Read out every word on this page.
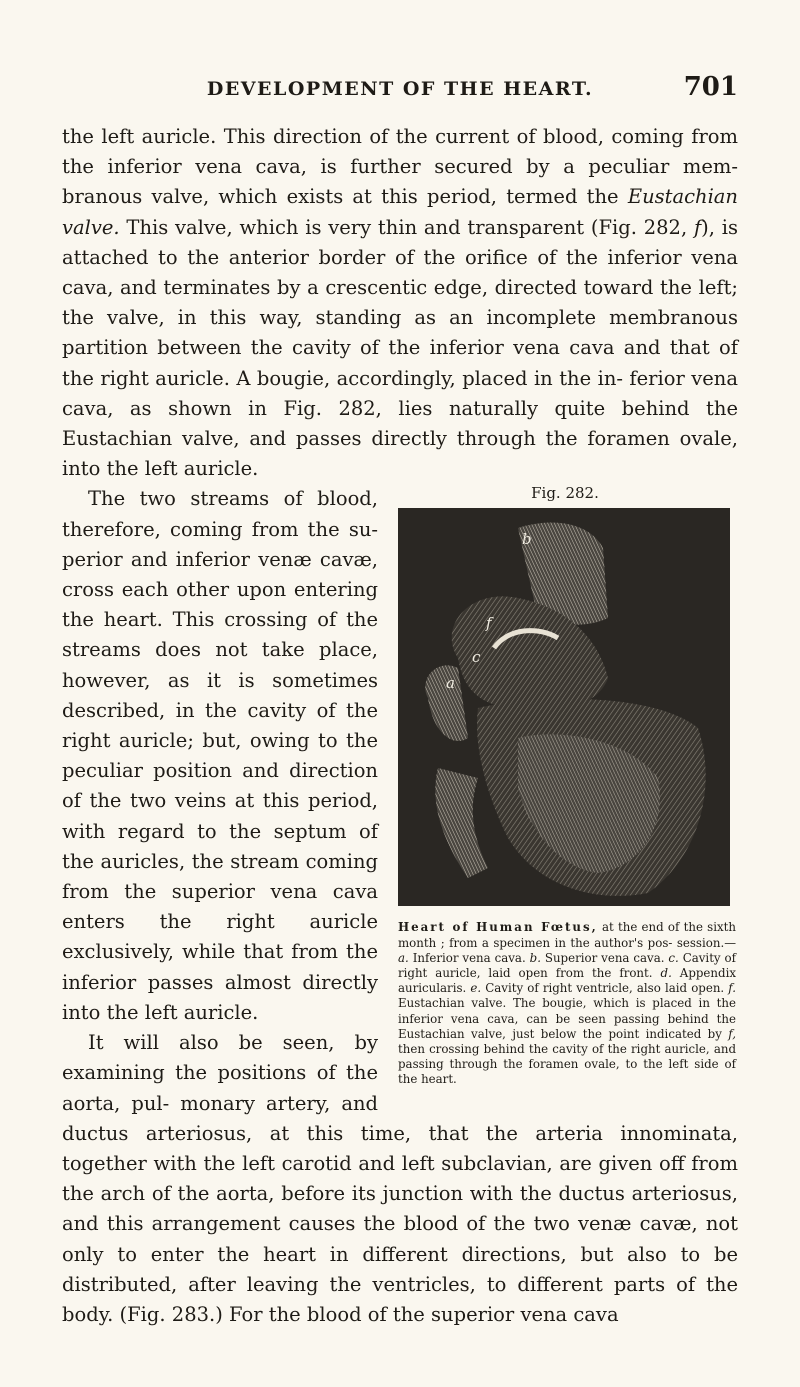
DEVELOPMENT OF THE HEART.	701

the left auricle. This direction of the current of blood, coming from the inferior vena cava, is further secured by a peculiar mem- branous valve, which exists at this period, termed the Eustachian valve. This valve, which is very thin and transparent (Fig. 282, f), is attached to the anterior border of the orifice of the inferior vena cava, and terminates by a crescentic edge, directed toward the left; the valve, in this way, standing as an incomplete membranous partition between the cavity of the inferior vena cava and that of the right auricle. A bougie, accordingly, placed in the in- ferior vena cava, as shown in Fig. 282, lies naturally quite behind the Eustachian valve, and passes directly through the foramen ovale, into the left auricle.

Fig. 282.
b
f
c
a
Heart of Human Fœtus, at the end of the sixth month ; from a specimen in the author's pos- session.—a. Inferior vena cava. b. Superior vena cava. c. Cavity of right auricle, laid open from the front. d. Appendix auricularis. e. Cavity of right ventricle, also laid open. f. Eustachian valve. The bougie, which is placed in the inferior vena cava, can be seen passing behind the Eustachian valve, just below the point indicated by f, then crossing behind the cavity of the right auricle, and passing through the foramen ovale, to the left side of the heart.

The two streams of blood, therefore, coming from the su- perior and inferior venæ cavæ, cross each other upon entering the heart. This crossing of the streams does not take place, however, as it is sometimes described, in the cavity of the right auricle; but, owing to the peculiar position and direction of the two veins at this period, with regard to the septum of the auricles, the stream coming from the superior vena cava enters the right auricle exclusively, while that from the inferior passes almost directly into the left auricle.

It will also be seen, by examining the positions of the aorta, pul- monary artery, and ductus arteriosus, at this time, that the arteria innominata, together with the left carotid and left subclavian, are given off from the arch of the aorta, before its junction with the ductus arteriosus, and this arrangement causes the blood of the two venæ cavæ, not only to enter the heart in different directions, but also to be distributed, after leaving the ventricles, to different parts of the body. (Fig. 283.) For the blood of the superior vena cava
